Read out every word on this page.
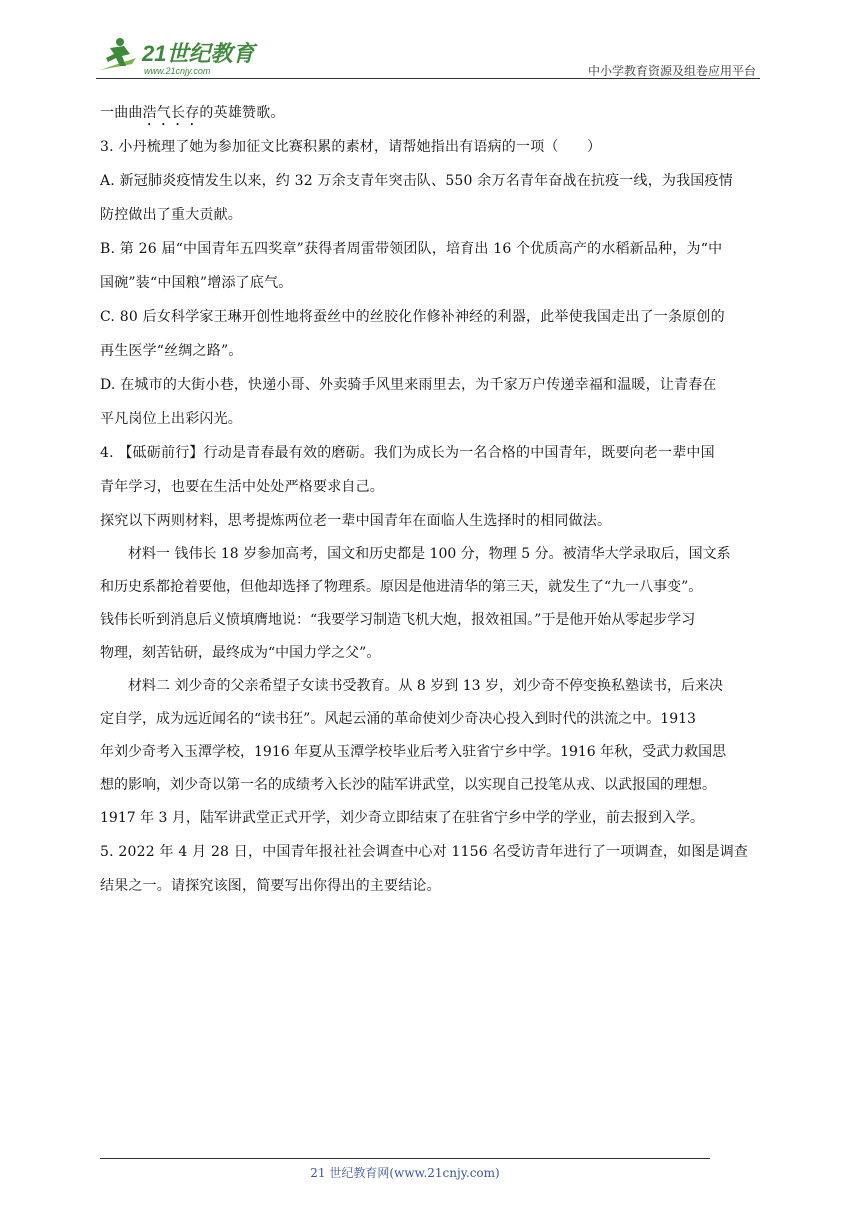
21世纪教育
www.21cnjy.com	中小学教育资源及组卷应用平台
一曲曲浩气长存的英雄赞歌。
3. 小丹梳理了她为参加征文比赛积累的素材，请帮她指出有语病的一项（　　）
A. 新冠肺炎疫情发生以来，约 32 万余支青年突击队、550 余万名青年奋战在抗疫一线，为我国疫情
防控做出了重大贡献。
B. 第 26 届“中国青年五四奖章”获得者周雷带领团队，培育出 16 个优质高产的水稻新品种，为“中
国碗”装“中国粮”增添了底气。
C. 80 后女科学家王琳开创性地将蚕丝中的丝胶化作修补神经的利器，此举使我国走出了一条原创的
再生医学“丝绸之路”。
D. 在城市的大街小巷，快递小哥、外卖骑手风里来雨里去，为千家万户传递幸福和温暖，让青春在
平凡岗位上出彩闪光。
4. 【砥砺前行】行动是青春最有效的磨砺。我们为成长为一名合格的中国青年，既要向老一辈中国
青年学习，也要在生活中处处严格要求自己。
探究以下两则材料，思考提炼两位老一辈中国青年在面临人生选择时的相同做法。
材料一 钱伟长 18 岁参加高考，国文和历史都是 100 分，物理 5 分。被清华大学录取后，国文系
和历史系都抢着要他，但他却选择了物理系。原因是他进清华的第三天，就发生了“九一八事变”。
钱伟长听到消息后义愤填膺地说：“我要学习制造飞机大炮，报效祖国。”于是他开始从零起步学习
物理，刻苦钻研，最终成为“中国力学之父”。
材料二 刘少奇的父亲希望子女读书受教育。从 8 岁到 13 岁，刘少奇不停变换私塾读书，后来决
定自学，成为远近闻名的“读书狂”。风起云涌的革命使刘少奇决心投入到时代的洪流之中。1913
年刘少奇考入玉潭学校，1916 年夏从玉潭学校毕业后考入驻省宁乡中学。1916 年秋，受武力救国思
想的影响，刘少奇以第一名的成绩考入长沙的陆军讲武堂，以实现自己投笔从戎、以武报国的理想。
1917 年 3 月，陆军讲武堂正式开学，刘少奇立即结束了在驻省宁乡中学的学业，前去报到入学。
5. 2022 年 4 月 28 日，中国青年报社社会调查中心对 1156 名受访青年进行了一项调查，如图是调查
结果之一。请探究该图，简要写出你得出的主要结论。
21 世纪教育网(www.21cnjy.com)
